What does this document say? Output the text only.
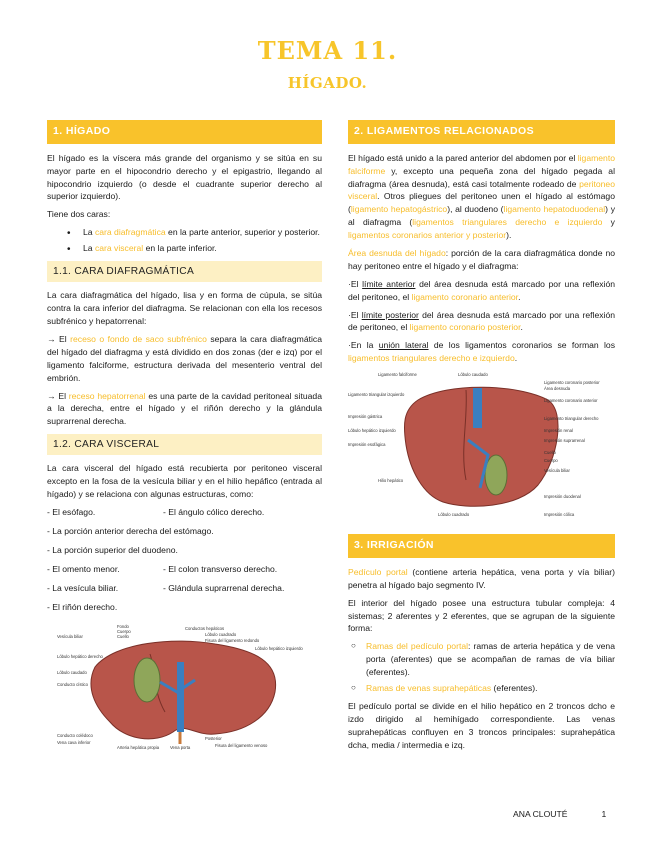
TEMA 11.
HÍGADO.
1. HÍGADO

El hígado es la víscera más grande del organismo y se sitúa en su mayor parte en el hipocondrio derecho y el epigastrio, llegando al hipocondrio izquierdo (o desde el cuadrante superior derecho al superior izquierdo).

Tiene dos caras:

• La cara diafragmática en la parte anterior, superior y posterior.
• La cara visceral en la parte inferior.
1.1. CARA DIAFRAGMÁTICA

La cara diafragmática del hígado, lisa y en forma de cúpula, se sitúa contra la cara inferior del diafragma. Se relacionan con ella los recesos subfrénico y hepatorrenal:

→ El receso o fondo de saco subfrénico separa la cara diafragmática del hígado del diafragma y está dividido en dos zonas (der e izq) por el ligamento falciforme, estructura derivada del mesenterio ventral del embrión.

→ El receso hepatorrenal es una parte de la cavidad peritoneal situada a la derecha, entre el hígado y el riñón derecho y la glándula suprarrenal derecha.

1.2. CARA VISCERAL

La cara visceral del hígado está recubierta por peritoneo visceral excepto en la fosa de la vesícula biliar y en el hilio hepáfico (entrada al hígado) y se relaciona con algunas estructuras, como:

- El esófago.	- El ángulo cólico derecho.
- La porción anterior derecha del estómago.
- La porción superior del duodeno.
- El omento menor.	- El colon transverso derecho.
- La vesícula biliar.	- Glándula suprarrenal derecha.
- El riñón derecho.
Fondo
Cuerpo
Cuello
Vesícula biliar
Conductos hepáticos
Conducto cístico
Conducto colédoco
Lóbulo cuadrado
Fisura del ligamento redondo
Lóbulo hepático izquierdo
Lóbulo hepático derecho
Lóbulo caudado
Arteria hepática propia	Vena porta
Posterior
Fisura del ligamento venoso
Vena cava inferior
2. LIGAMENTOS RELACIONADOS

El hígado está unido a la pared anterior del abdomen por el ligamento falciforme y, excepto una pequeña zona del hígado pegada al diafragma (área desnuda), está casi totalmente rodeado de peritoneo visceral. Otros pliegues del peritoneo unen el hígado al estómago (ligamento hepatogástrico), al duodeno (ligamento hepatoduodenal) y al diafragma (ligamentos triangulares derecho e izquierdo y ligamentos coronarios anterior y posterior).

Área desnuda del hígado: porción de la cara diafragmática donde no hay peritoneo entre el hígado y el diafragma:

·El límite anterior del área desnuda está marcado por una reflexión del peritoneo, el ligamento coronario anterior.

·El límite posterior del área desnuda está marcado por una reflexión de peritoneo, el ligamento coronario posterior.

·En la unión lateral de los ligamentos coronarios se forman los ligamentos triangulares derecho e izquierdo.

Ligamento falciforme	Lóbulo caudado
Ligamento coronario posterior
Área desnuda
Ligamento coronario anterior
Ligamento triangular izquierdo
Ligamento triangular derecho
Impresión gástrica
Impresión renal
Lóbulo hepático izquierdo
Impresión esofágica
Impresión suprarrenal
Cuello
Cuerpo
Vesícula biliar
Hilio hepático
Lóbulo cuadrado
Impresión duodenal
Impresión cólica
3. IRRIGACIÓN

Pedículo portal (contiene arteria hepática, vena porta y vía biliar) penetra al hígado bajo segmento IV.

El interior del hígado posee una estructura tubular compleja: 4 sistemas; 2 aferentes y 2 eferentes, que se agrupan de la siguiente forma:

○ Ramas del pedículo portal: ramas de arteria hepática y de vena porta (aferentes) que se acompañan de ramas de vía biliar (eferentes).
○ Ramas de venas suprahepáticas (eferentes).

El pedículo portal se divide en el hilio hepático en 2 troncos dcho e izdo dirigido al hemihígado correspondiente. Las venas suprahepáticas confluyen en 3 troncos principales: suprahepática dcha, media / intermedia e izq.

ANA CLOUTÉ	1
